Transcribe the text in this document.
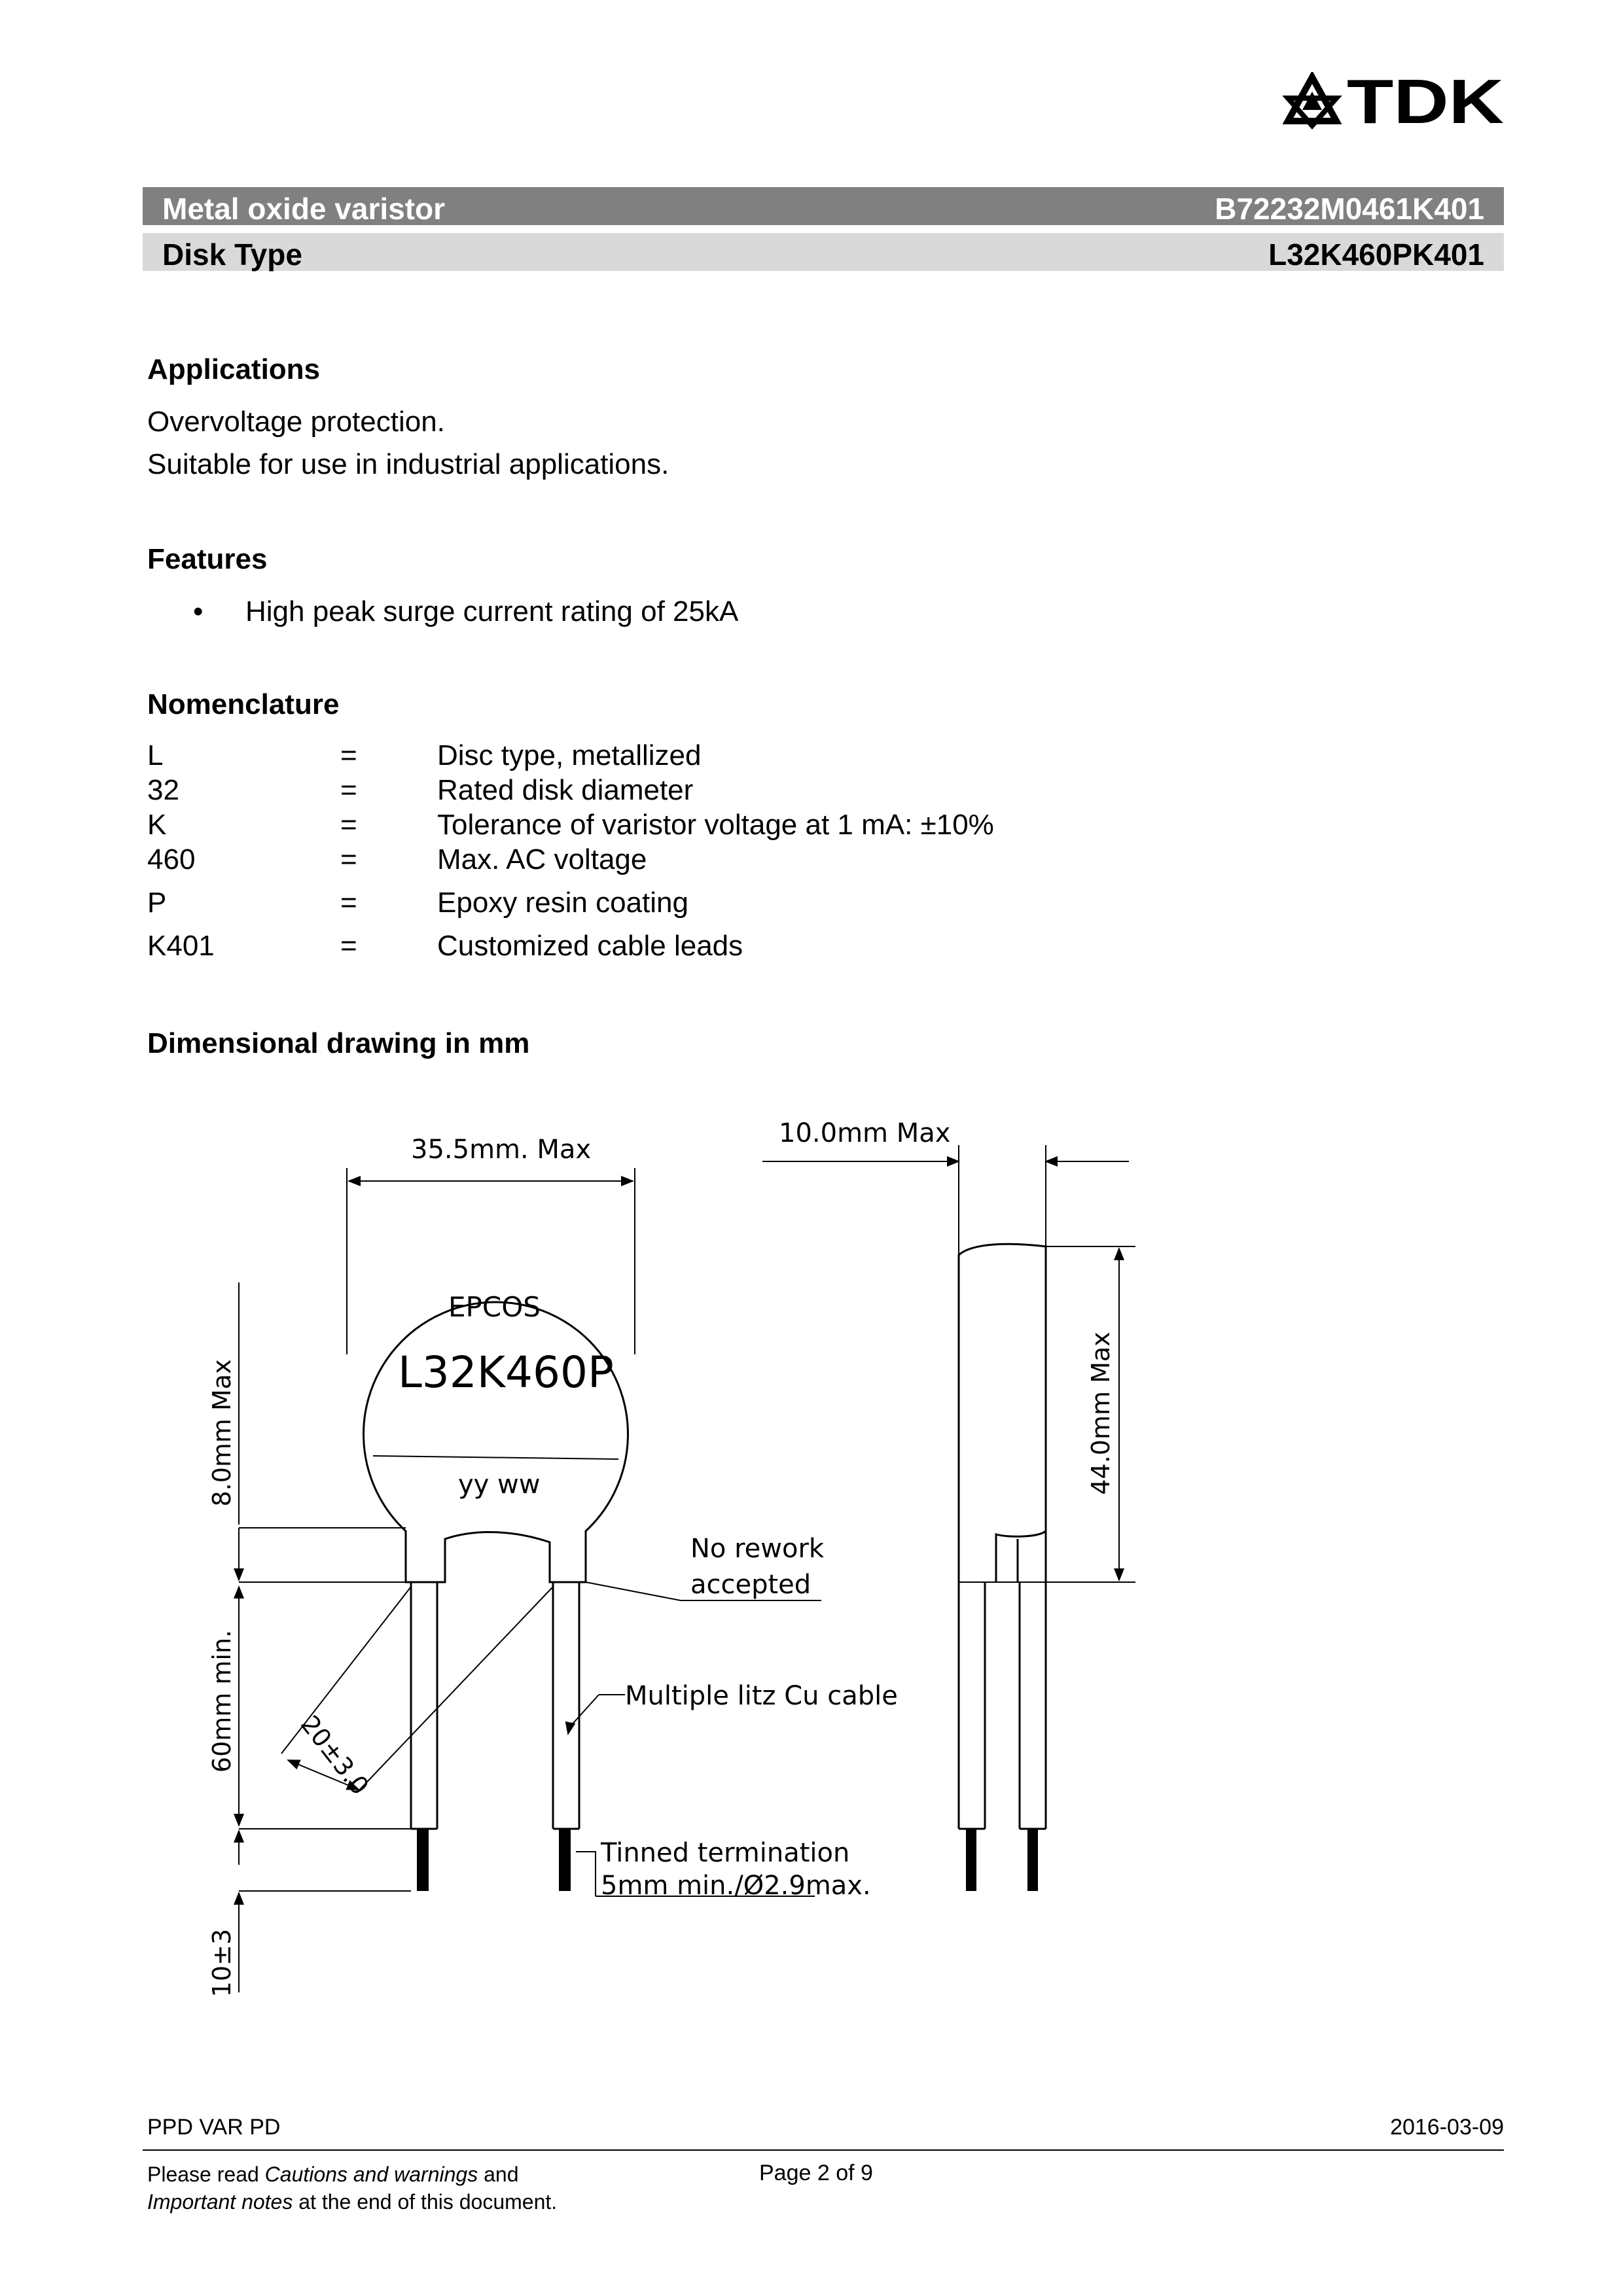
TDK
Metal oxide varistor	B72232M0461K401
Disk Type	L32K460PK401
Applications
Overvoltage protection.
Suitable for use in industrial applications.
Features
• High peak surge current rating of 25kA
Nomenclature
L	=	Disc type, metallized
32	=	Rated disk diameter
K	=	Tolerance of varistor voltage at 1 mA: ±10%
460	=	Max. AC voltage
P	=	Epoxy resin coating
K401	=	Customized cable leads
Dimensional drawing in mm
35.5mm. Max
10.0mm Max
EPCOS
L32K460P
yy ww
No rework
accepted
Multiple litz Cu cable
Tinned termination
5mm min./Ø2.9max.
8.0mm Max	44.0mm Max
60mm min.
10±3
20±3.0
PPD VAR PD	2016-03-09
Please read Cautions and warnings and
Important notes at the end of this document.
Page 2 of 9
